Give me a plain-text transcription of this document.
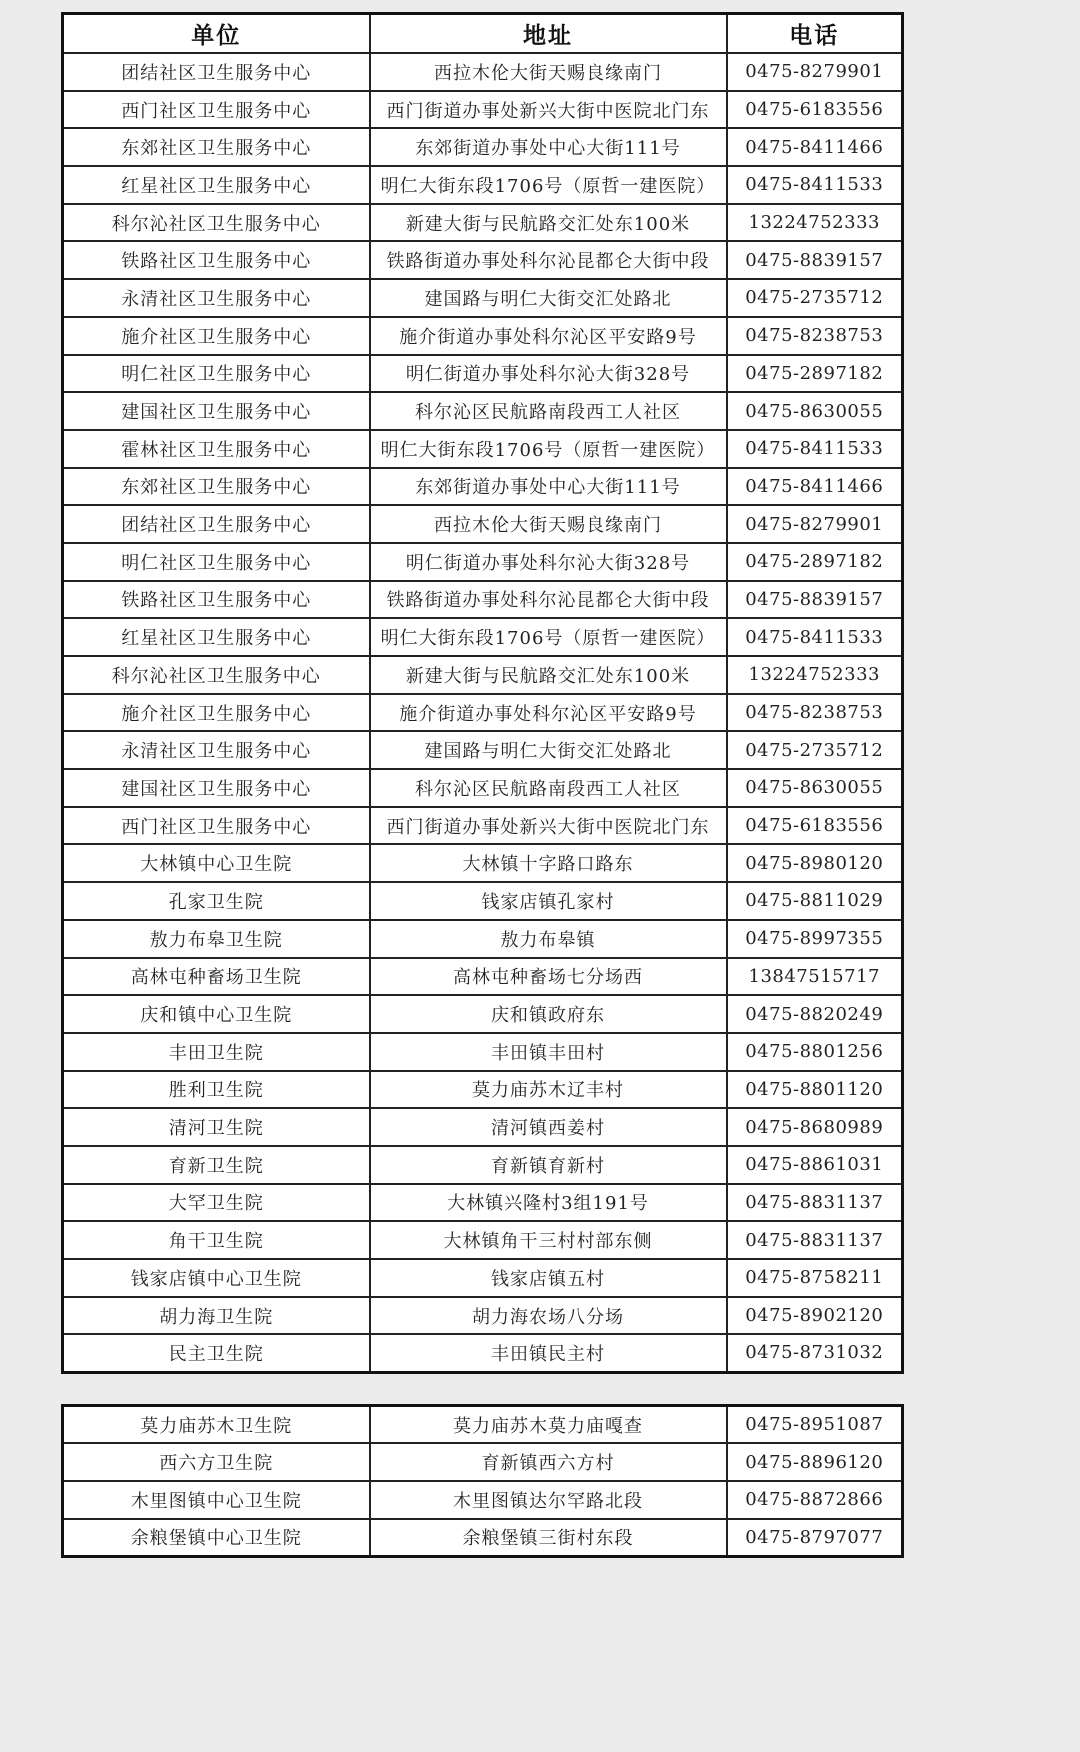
单位	地址	电话
团结社区卫生服务中心	西拉木伦大街天赐良缘南门	0475-8279901
西门社区卫生服务中心	西门街道办事处新兴大街中医院北门东	0475-6183556
东郊社区卫生服务中心	东郊街道办事处中心大街111号	0475-8411466
红星社区卫生服务中心	明仁大街东段1706号（原哲一建医院）	0475-8411533
科尔沁社区卫生服务中心	新建大街与民航路交汇处东100米	13224752333
铁路社区卫生服务中心	铁路街道办事处科尔沁昆都仑大街中段	0475-8839157
永清社区卫生服务中心	建国路与明仁大街交汇处路北	0475-2735712
施介社区卫生服务中心	施介街道办事处科尔沁区平安路9号	0475-8238753
明仁社区卫生服务中心	明仁街道办事处科尔沁大街328号	0475-2897182
建国社区卫生服务中心	科尔沁区民航路南段西工人社区	0475-8630055
霍林社区卫生服务中心	明仁大街东段1706号（原哲一建医院）	0475-8411533
东郊社区卫生服务中心	东郊街道办事处中心大街111号	0475-8411466
团结社区卫生服务中心	西拉木伦大街天赐良缘南门	0475-8279901
明仁社区卫生服务中心	明仁街道办事处科尔沁大街328号	0475-2897182
铁路社区卫生服务中心	铁路街道办事处科尔沁昆都仑大街中段	0475-8839157
红星社区卫生服务中心	明仁大街东段1706号（原哲一建医院）	0475-8411533
科尔沁社区卫生服务中心	新建大街与民航路交汇处东100米	13224752333
施介社区卫生服务中心	施介街道办事处科尔沁区平安路9号	0475-8238753
永清社区卫生服务中心	建国路与明仁大街交汇处路北	0475-2735712
建国社区卫生服务中心	科尔沁区民航路南段西工人社区	0475-8630055
西门社区卫生服务中心	西门街道办事处新兴大街中医院北门东	0475-6183556
大林镇中心卫生院	大林镇十字路口路东	0475-8980120
孔家卫生院	钱家店镇孔家村	0475-8811029
敖力布皋卫生院	敖力布皋镇	0475-8997355
高林屯种畜场卫生院	高林屯种畜场七分场西	13847515717
庆和镇中心卫生院	庆和镇政府东	0475-8820249
丰田卫生院	丰田镇丰田村	0475-8801256
胜利卫生院	莫力庙苏木辽丰村	0475-8801120
清河卫生院	清河镇西姜村	0475-8680989
育新卫生院	育新镇育新村	0475-8861031
大罕卫生院	大林镇兴隆村3组191号	0475-8831137
角干卫生院	大林镇角干三村村部东侧	0475-8831137
钱家店镇中心卫生院	钱家店镇五村	0475-8758211
胡力海卫生院	胡力海农场八分场	0475-8902120
民主卫生院	丰田镇民主村	0475-8731032
莫力庙苏木卫生院	莫力庙苏木莫力庙嘎查	0475-8951087
西六方卫生院	育新镇西六方村	0475-8896120
木里图镇中心卫生院	木里图镇达尔罕路北段	0475-8872866
余粮堡镇中心卫生院	余粮堡镇三街村东段	0475-8797077
